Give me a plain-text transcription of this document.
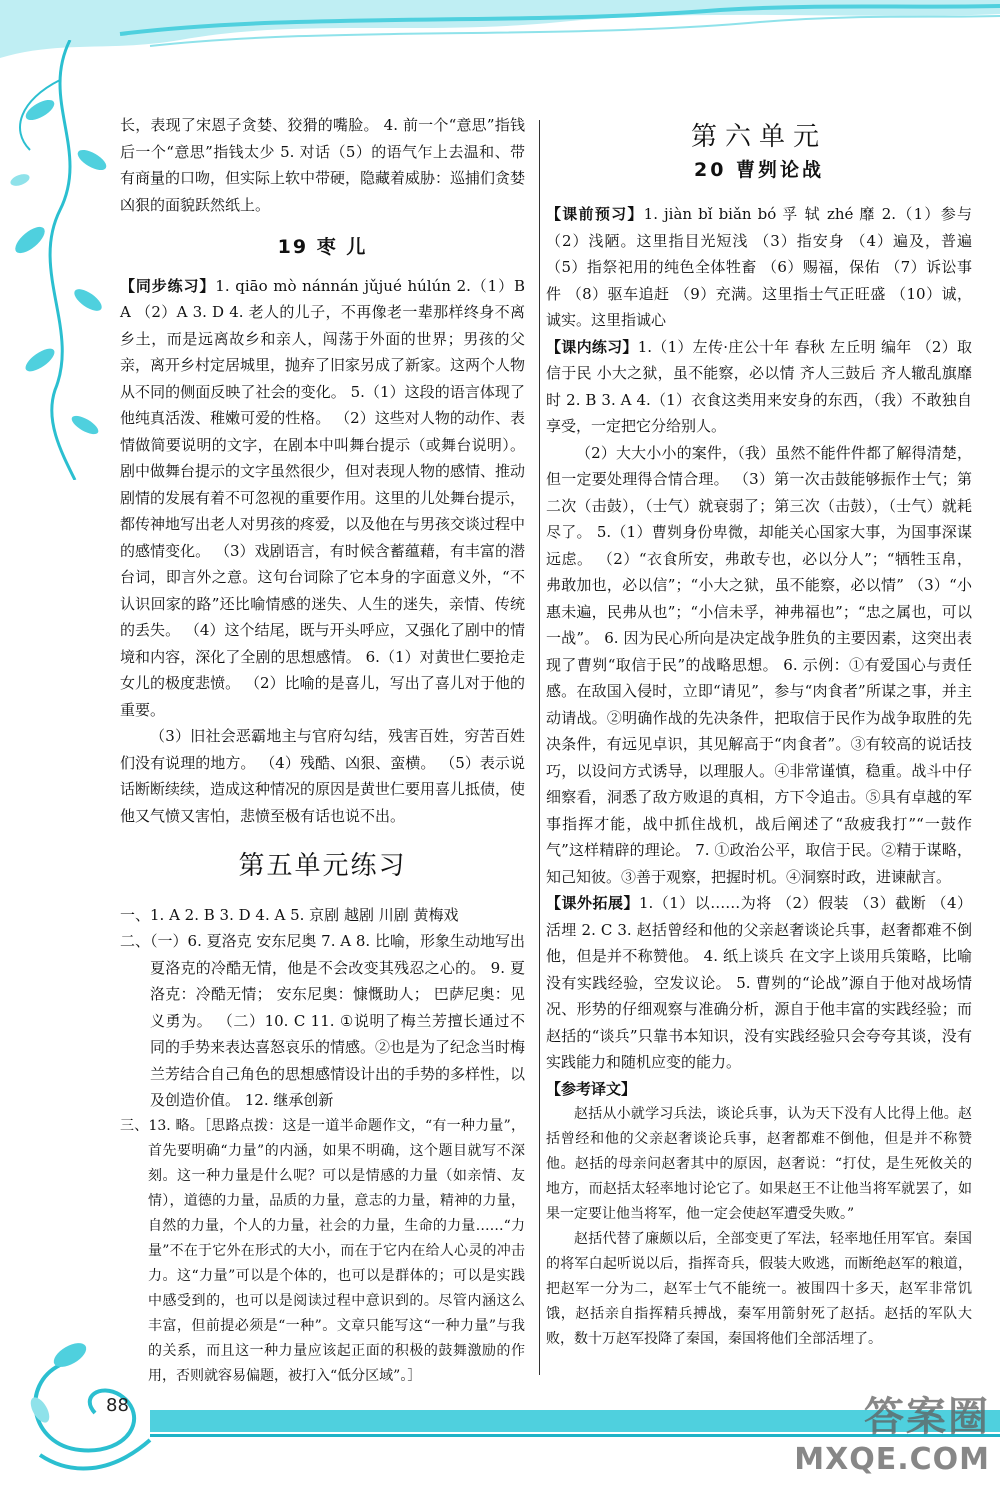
88	答案圈
MXQE.COM

长，表现了宋恩子贪婪、狡猾的嘴脸。 4. 前一个“意思”指钱 后一个“意思”指钱太少 5. 对话（5）的语气乍上去温和、带有商量的口吻，但实际上软中带硬，隐藏着威胁：巡捕们贪婪凶狠的面貌跃然纸上。

19 枣 儿

【同步练习】1. qiāo mò nánnán jǔjué húlún 2.（1）B A （2）A 3. D 4. 老人的儿子，不再像老一辈那样终身不离乡土，而是远离故乡和亲人，闯荡于外面的世界；男孩的父亲，离开乡村定居城里，抛弃了旧家另成了新家。这两个人物从不同的侧面反映了社会的变化。 5.（1）这段的语言体现了他纯真活泼、稚嫩可爱的性格。 （2）这些对人物的动作、表情做简要说明的文字，在剧本中叫舞台提示（或舞台说明）。剧中做舞台提示的文字虽然很少，但对表现人物的感情、推动剧情的发展有着不可忽视的重要作用。这里的儿处舞台提示，都传神地写出老人对男孩的疼爱，以及他在与男孩交谈过程中的感情变化。 （3）戏剧语言，有时候含蓄蕴藉，有丰富的潜台词，即言外之意。这句台词除了它本身的字面意义外，“不认识回家的路”还比喻情感的迷失、人生的迷失，亲情、传统的丢失。 （4）这个结尾，既与开头呼应，又强化了剧中的情境和内容，深化了全剧的思想感情。 6.（1）对黄世仁要抢走女儿的极度悲愤。 （2）比喻的是喜儿，写出了喜儿对于他的重要。

（3）旧社会恶霸地主与官府勾结，残害百姓，穷苦百姓们没有说理的地方。 （4）残酷、凶狠、蛮横。 （5）表示说话断断续续，造成这种情况的原因是黄世仁要用喜儿抵债，使他又气愤又害怕，悲愤至极有话也说不出。

第五单元练习

一、1. A 2. B 3. D 4. A 5. 京剧 越剧 川剧 黄梅戏

二、（一）6. 夏洛克 安东尼奥 7. A 8. 比喻，形象生动地写出夏洛克的冷酷无情，他是不会改变其残忍之心的。 9. 夏洛克：冷酷无情； 安东尼奥：慷慨助人； 巴萨尼奥：见义勇为。 （二）10. C 11. ①说明了梅兰芳擅长通过不同的手势来表达喜怒哀乐的情感。②也是为了纪念当时梅兰芳结合自己角色的思想感情设计出的手势的多样性，以及创造价值。 12. 继承创新

三、13. 略。［思路点拨：这是一道半命题作文，“有一种力量”，首先要明确“力量”的内涵，如果不明确，这个题目就写不深刻。这一种力量是什么呢？可以是情感的力量（如亲情、友情），道德的力量，品质的力量，意志的力量，精神的力量，自然的力量，个人的力量，社会的力量，生命的力量……“力量”不在于它外在形式的大小，而在于它内在给人心灵的冲击力。这“力量”可以是个体的，也可以是群体的；可以是实践中感受到的，也可以是阅读过程中意识到的。尽管内涵这么丰富，但前提必须是“一种”。文章只能写这“一种力量”与我的关系，而且这一种力量应该起正面的积极的鼓舞激励的作用，否则就容易偏题，被打入“低分区域”。］

第六单元
20 曹刿论战

【课前预习】1. jiàn bǐ biǎn bó 孚 轼 zhé 靡 2.（1）参与 （2）浅陋。这里指目光短浅 （3）指安身 （4）遍及，普遍 （5）指祭祀用的纯色全体牲畜 （6）赐福，保佑 （7）诉讼事件 （8）驱车追赶 （9）充满。这里指士气正旺盛 （10）诚，诚实。这里指诚心

【课内练习】1.（1）左传·庄公十年 春秋 左丘明 编年 （2）取信于民 小大之狱，虽不能察，必以情 齐人三鼓后 齐人辙乱旗靡时 2. B 3. A 4.（1）衣食这类用来安身的东西，（我）不敢独自享受，一定把它分给别人。

（2）大大小小的案件，（我）虽然不能件件都了解得清楚，但一定要处理得合情合理。 （3）第一次击鼓能够振作士气；第二次（击鼓），（士气）就衰弱了；第三次（击鼓），（士气）就耗尽了。 5.（1）曹刿身份卑微，却能关心国家大事，为国事深谋远虑。 （2）“衣食所安，弗敢专也，必以分人”；“牺牲玉帛，弗敢加也，必以信”；“小大之狱，虽不能察，必以情” （3）“小惠未遍，民弗从也”；“小信未孚，神弗福也”；“忠之属也，可以一战”。 6. 因为民心所向是决定战争胜负的主要因素，这突出表现了曹刿“取信于民”的战略思想。 6. 示例：①有爱国心与责任感。在敌国入侵时，立即“请见”，参与“肉食者”所谋之事，并主动请战。②明确作战的先决条件，把取信于民作为战争取胜的先决条件，有远见卓识，其见解高于“肉食者”。③有较高的说话技巧，以设问方式诱导，以理服人。④非常谨慎，稳重。战斗中仔细察看，洞悉了敌方败退的真相，方下令追击。⑤具有卓越的军事指挥才能，战中抓住战机，战后阐述了“敌疲我打”“一鼓作气”这样精辟的理论。 7. ①政治公平，取信于民。②精于谋略，知己知彼。③善于观察，把握时机。④洞察时政，进谏献言。

【课外拓展】1.（1）以……为将 （2）假装 （3）截断 （4）活埋 2. C 3. 赵括曾经和他的父亲赵奢谈论兵事，赵奢都难不倒他，但是并不称赞他。 4. 纸上谈兵 在文字上谈用兵策略，比喻没有实践经验，空发议论。 5. 曹刿的“论战”源自于他对战场情况、形势的仔细观察与准确分析，源自于他丰富的实践经验；而赵括的“谈兵”只靠书本知识，没有实践经验只会夸夸其谈，没有实践能力和随机应变的能力。

【参考译文】

赵括从小就学习兵法，谈论兵事，认为天下没有人比得上他。赵括曾经和他的父亲赵奢谈论兵事，赵奢都难不倒他，但是并不称赞他。赵括的母亲问赵奢其中的原因，赵奢说：“打仗，是生死攸关的地方，而赵括太轻率地讨论它了。如果赵王不让他当将军就罢了，如果一定要让他当将军，他一定会使赵军遭受失败。”

赵括代替了廉颇以后，全部变更了军法，轻率地任用军官。秦国的将军白起听说以后，指挥奇兵，假装大败逃，而断绝赵军的粮道，把赵军一分为二，赵军士气不能统一。被围四十多天，赵军非常饥饿，赵括亲自指挥精兵搏战，秦军用箭射死了赵括。赵括的军队大败，数十万赵军投降了秦国，秦国将他们全部活埋了。
